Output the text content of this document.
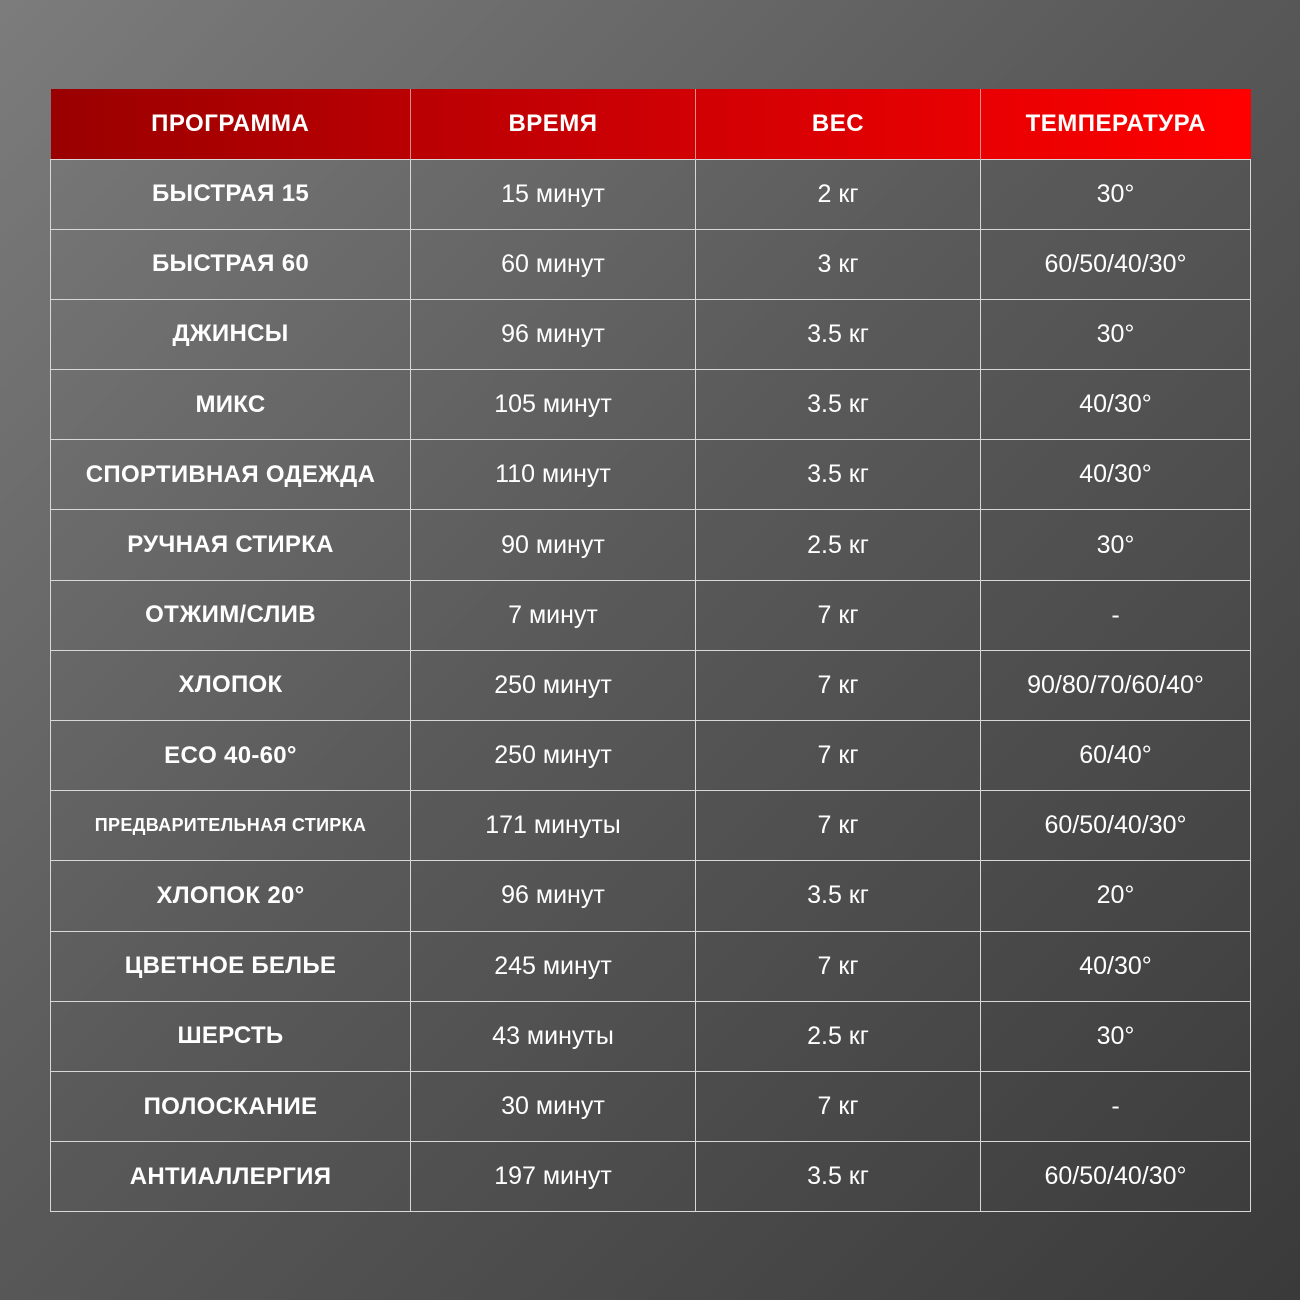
ПРОГРАММА	ВРЕМЯ	ВЕС	ТЕМПЕРАТУРА
БЫСТРАЯ 15	15 минут	2 кг	30°
БЫСТРАЯ 60	60 минут	3 кг	60/50/40/30°
ДЖИНСЫ	96 минут	3.5 кг	30°
МИКС	105 минут	3.5 кг	40/30°
СПОРТИВНАЯ ОДЕЖДА	110 минут	3.5 кг	40/30°
РУЧНАЯ СТИРКА	90 минут	2.5 кг	30°
ОТЖИМ/СЛИВ	7 минут	7 кг	-
ХЛОПОК	250 минут	7 кг	90/80/70/60/40°
ECO 40-60°	250 минут	7 кг	60/40°
ПРЕДВАРИТЕЛЬНАЯ СТИРКА	171 минуты	7 кг	60/50/40/30°
ХЛОПОК 20°	96 минут	3.5 кг	20°
ЦВЕТНОЕ БЕЛЬЕ	245 минут	7 кг	40/30°
ШЕРСТЬ	43 минуты	2.5 кг	30°
ПОЛОСКАНИЕ	30 минут	7 кг	-
АНТИАЛЛЕРГИЯ	197 минут	3.5 кг	60/50/40/30°
